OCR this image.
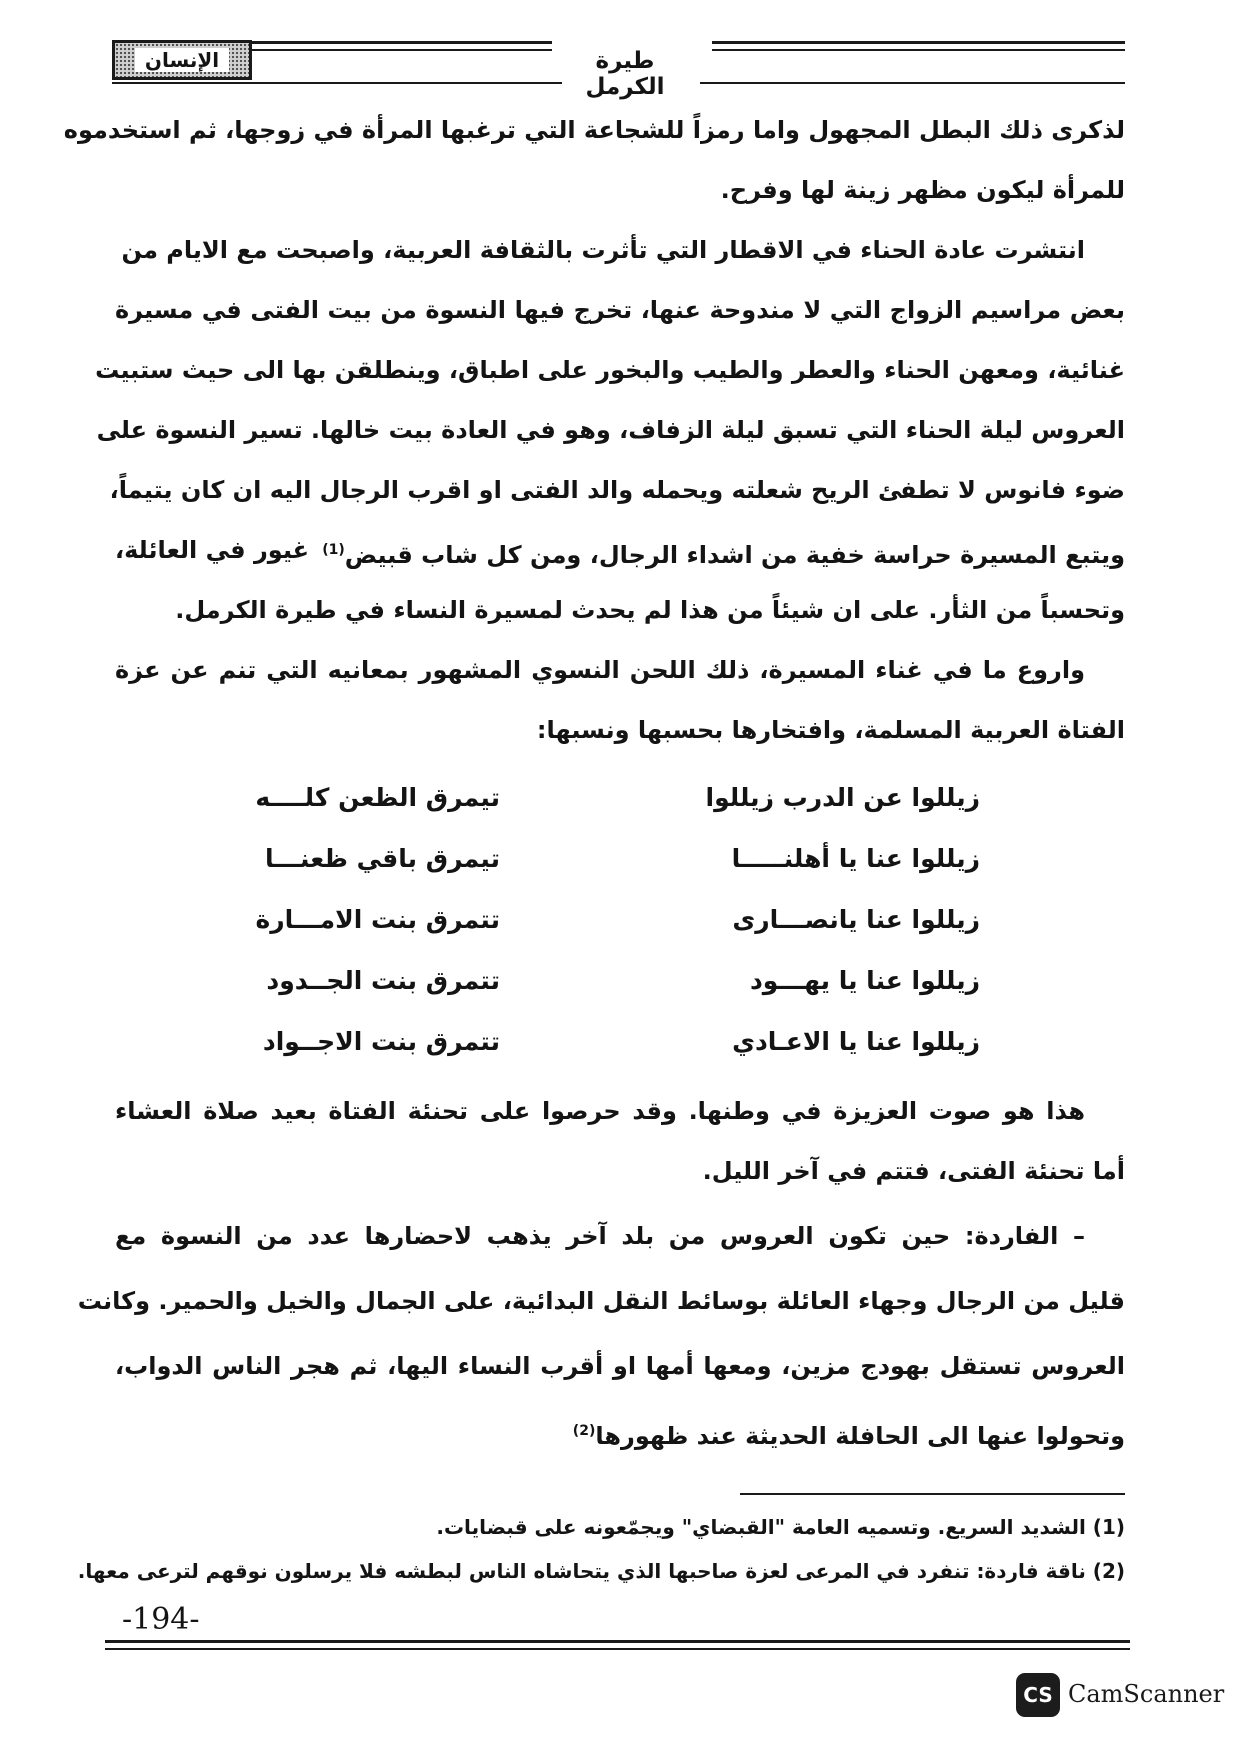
الإنسان	طيرة الكرمل
لذكرى ذلك البطل المجهول واما رمزاً للشجاعة التي ترغبها المرأة في زوجها، ثم استخدموه
للمرأة ليكون مظهر زينة لها وفرح.
انتشرت عادة الحناء في الاقطار التي تأثرت بالثقافة العربية، واصبحت مع الايام من
بعض مراسيم الزواج التي لا مندوحة عنها، تخرج فيها النسوة من بيت الفتى في مسيرة
غنائية، ومعهن الحناء والعطر والطيب والبخور على اطباق، وينطلقن بها الى حيث ستبيت
العروس ليلة الحناء التي تسبق ليلة الزفاف، وهو في العادة بيت خالها. تسير النسوة على
ضوء فانوس لا تطفئ الريح شعلته ويحمله والد الفتى او اقرب الرجال اليه ان كان يتيماً،
ويتبع المسيرة حراسة خفية من اشداء الرجال، ومن كل شاب قبيض$^{(1)}$
غيور في العائلة،
وتحسباً من الثأر. على ان شيئاً من هذا لم يحدث لمسيرة النساء في طيرة الكرمل.
واروع ما في غناء المسيرة، ذلك اللحن النسوي المشهور بمعانيه التي تنم عن عزة
الفتاة العربية المسلمة، وافتخارها بحسبها ونسبها:
زيللوا عن الدرب زيللوا
تيمرق الظعن كلــــه
زيللوا عنا يا أهلنـــــا
تيمرق باقي ظعنـــا
زيللوا عنا يانصـــارى
تتمرق بنت الامـــارة
زيللوا عنا يا يهـــود
تتمرق بنت الجــدود
زيللوا عنا يا الاعـادي
تتمرق بنت الاجــواد
هذا هو صوت العزيزة في وطنها. وقد حرصوا على تحنئة الفتاة بعيد صلاة العشاء
أما تحنئة الفتى، فتتم في آخر الليل.
– الفاردة: حين تكون العروس من بلد آخر يذهب لاحضارها عدد من النسوة مع
قليل من الرجال وجهاء العائلة بوسائط النقل البدائية، على الجمال والخيل والحمير. وكانت
العروس تستقل بهودج مزين، ومعها أمها او أقرب النساء اليها، ثم هجر الناس الدواب،
وتحولوا عنها الى الحافلة الحديثة عند ظهورها$^{(2)}$
(1) الشديد السريع. وتسميه العامة "القبضاي" ويجمّعونه على قبضايات.
(2) ناقة فاردة: تنفرد في المرعى لعزة صاحبها الذي يتحاشاه الناس لبطشه فلا يرسلون نوقهم لترعى معها.
-194-
CS CamScanner
